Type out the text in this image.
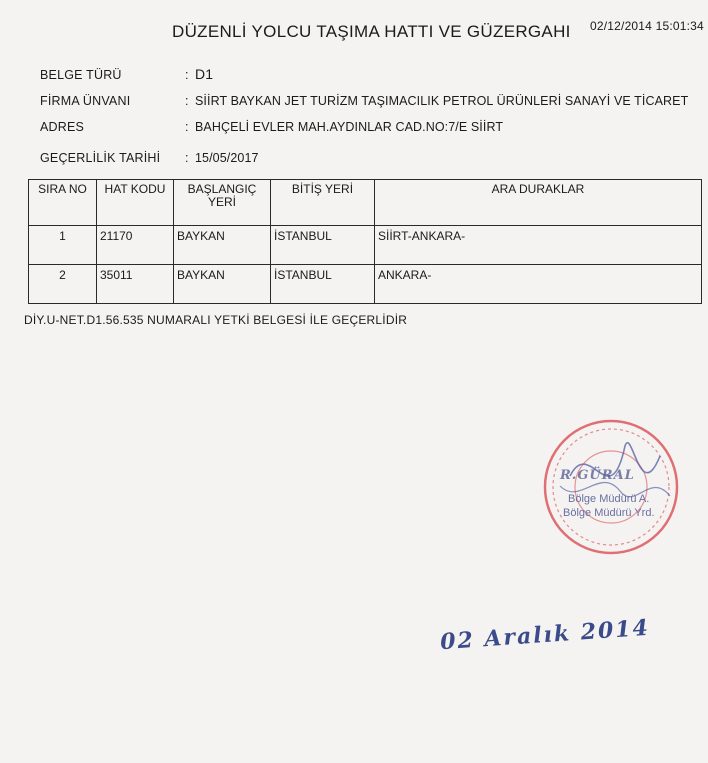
02/12/2014 15:01:34
DÜZENLİ YOLCU TAŞIMA HATTI VE GÜZERGAHI
BELGE TÜRÜ	: D1
FİRMA ÜNVANI	: SİİRT BAYKAN JET TURİZM TAŞIMACILIK PETROL ÜRÜNLERİ SANAYİ VE TİCARET
ADRES	: BAHÇELİ EVLER MAH.AYDINLAR CAD.NO:7/E SİİRT
GEÇERLİLİK TARİHİ : 15/05/2017
SIRA NO	HAT KODU	BAŞLANGIÇ YERİ	BİTİŞ YERİ	ARA DURAKLAR
1	21170	BAYKAN	İSTANBUL	SİİRT-ANKARA-
2	35011	BAYKAN	İSTANBUL	ANKARA-
DİY.U-NET.D1.56.535 NUMARALI YETKİ BELGESİ İLE GEÇERLİDİR
R.GÜRAL
Bölge Müdürü A.
Bölge Müdürü Yrd.
02 Aralık 2014
